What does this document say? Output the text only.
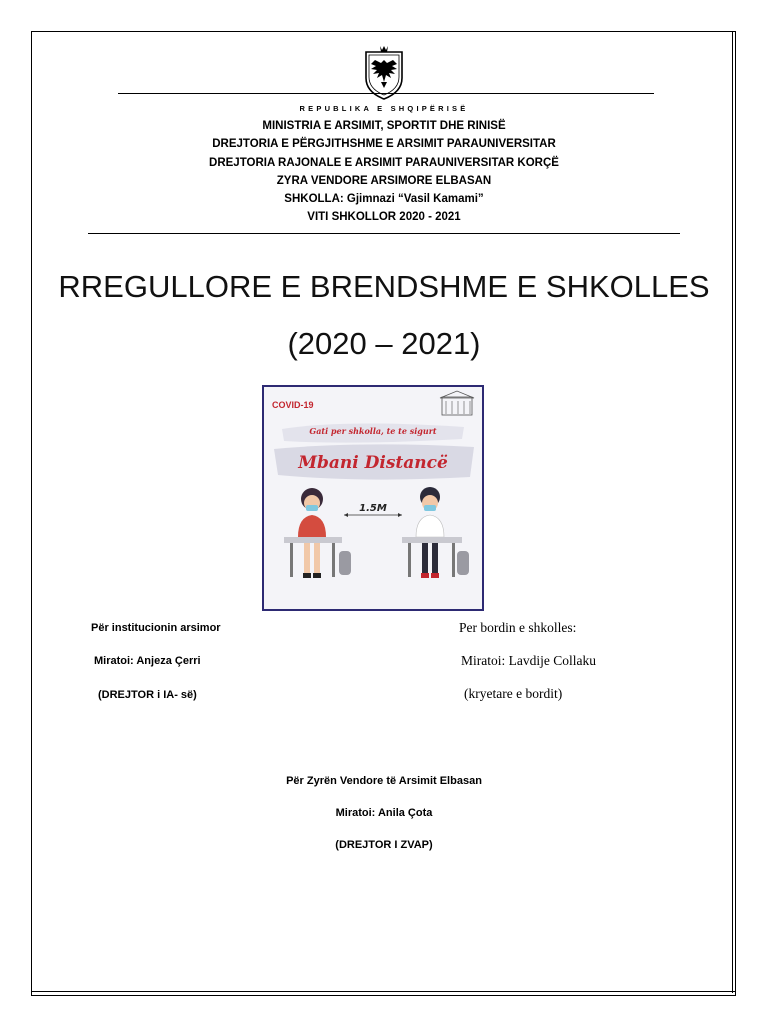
REPUBLIKA E SHQIPËRISË
MINISTRIA E ARSIMIT, SPORTIT DHE RINISË
DREJTORIA E PËRGJITHSHME E ARSIMIT PARAUNIVERSITAR
DREJTORIA RAJONALE E ARSIMIT PARAUNIVERSITAR KORÇË
ZYRA VENDORE ARSIMORE ELBASAN
SHKOLLA: Gjimnazi “Vasil Kamami”
VITI SHKOLLOR 2020 - 2021
RREGULLORE E BRENDSHME E SHKOLLES
(2020 – 2021)
COVID-19
Gati per shkolla, te te sigurt
Mbani Distancë
1.5M
Për institucionin arsimor
Miratoi: Anjeza Çerri
(DREJTOR i IA- së)
Per bordin e shkolles:
Miratoi: Lavdije Collaku
(kryetare e bordit)
Për Zyrën Vendore të Arsimit Elbasan
Miratoi: Anila Çota
(DREJTOR I ZVAP)
